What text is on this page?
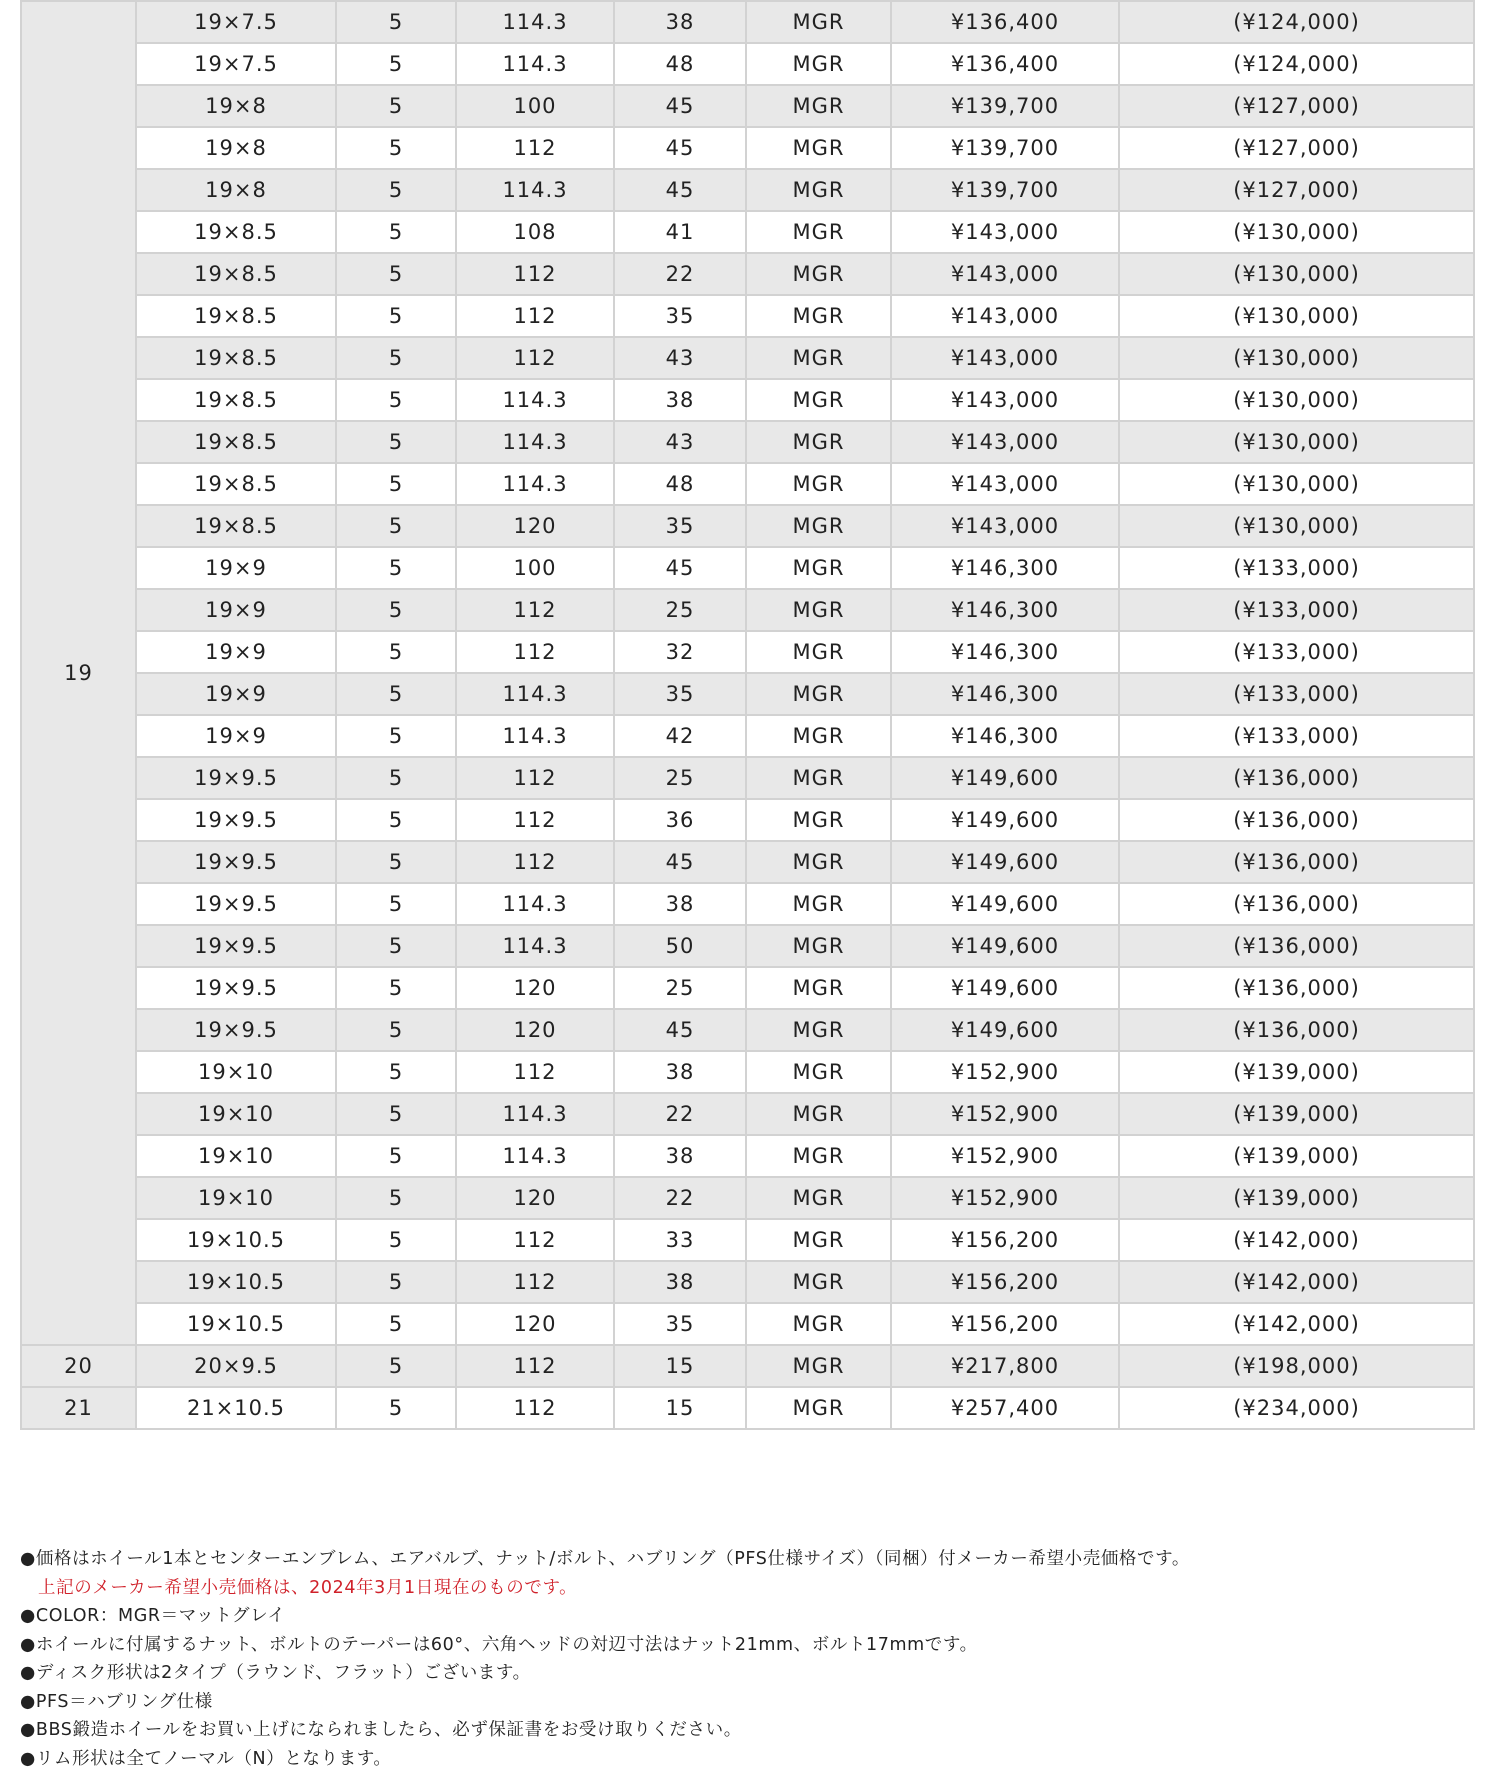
19	19×7.5	5	114.3	38	MGR	¥136,400	(¥124,000)
	19×7.5	5	114.3	48	MGR	¥136,400	(¥124,000)
	19×8	5	100	45	MGR	¥139,700	(¥127,000)
	19×8	5	112	45	MGR	¥139,700	(¥127,000)
	19×8	5	114.3	45	MGR	¥139,700	(¥127,000)
	19×8.5	5	108	41	MGR	¥143,000	(¥130,000)
	19×8.5	5	112	22	MGR	¥143,000	(¥130,000)
	19×8.5	5	112	35	MGR	¥143,000	(¥130,000)
	19×8.5	5	112	43	MGR	¥143,000	(¥130,000)
	19×8.5	5	114.3	38	MGR	¥143,000	(¥130,000)
	19×8.5	5	114.3	43	MGR	¥143,000	(¥130,000)
	19×8.5	5	114.3	48	MGR	¥143,000	(¥130,000)
	19×8.5	5	120	35	MGR	¥143,000	(¥130,000)
	19×9	5	100	45	MGR	¥146,300	(¥133,000)
	19×9	5	112	25	MGR	¥146,300	(¥133,000)
	19×9	5	112	32	MGR	¥146,300	(¥133,000)
	19×9	5	114.3	35	MGR	¥146,300	(¥133,000)
	19×9	5	114.3	42	MGR	¥146,300	(¥133,000)
	19×9.5	5	112	25	MGR	¥149,600	(¥136,000)
	19×9.5	5	112	36	MGR	¥149,600	(¥136,000)
	19×9.5	5	112	45	MGR	¥149,600	(¥136,000)
	19×9.5	5	114.3	38	MGR	¥149,600	(¥136,000)
	19×9.5	5	114.3	50	MGR	¥149,600	(¥136,000)
	19×9.5	5	120	25	MGR	¥149,600	(¥136,000)
	19×9.5	5	120	45	MGR	¥149,600	(¥136,000)
	19×10	5	112	38	MGR	¥152,900	(¥139,000)
	19×10	5	114.3	22	MGR	¥152,900	(¥139,000)
	19×10	5	114.3	38	MGR	¥152,900	(¥139,000)
	19×10	5	120	22	MGR	¥152,900	(¥139,000)
	19×10.5	5	112	33	MGR	¥156,200	(¥142,000)
	19×10.5	5	112	38	MGR	¥156,200	(¥142,000)
	19×10.5	5	120	35	MGR	¥156,200	(¥142,000)
20	20×9.5	5	112	15	MGR	¥217,800	(¥198,000)
21	21×10.5	5	112	15	MGR	¥257,400	(¥234,000)

●価格はホイール1本とセンターエンブレム、エアバルブ、ナット/ボルト、ハブリング（PFS仕様サイズ）（同梱）付メーカー希望小売価格です。

上記のメーカー希望小売価格は、2024年3月1日現在のものです。

●COLOR：MGR＝マットグレイ

●ホイールに付属するナット、ボルトのテーパーは60°、六角ヘッドの対辺寸法はナット21mm、ボルト17mmです。

●ディスク形状は2タイプ（ラウンド、フラット）ございます。

●PFS＝ハブリング仕様

●BBS鍛造ホイールをお買い上げになられましたら、必ず保証書をお受け取りください。

●リム形状は全てノーマル（N）となります。
